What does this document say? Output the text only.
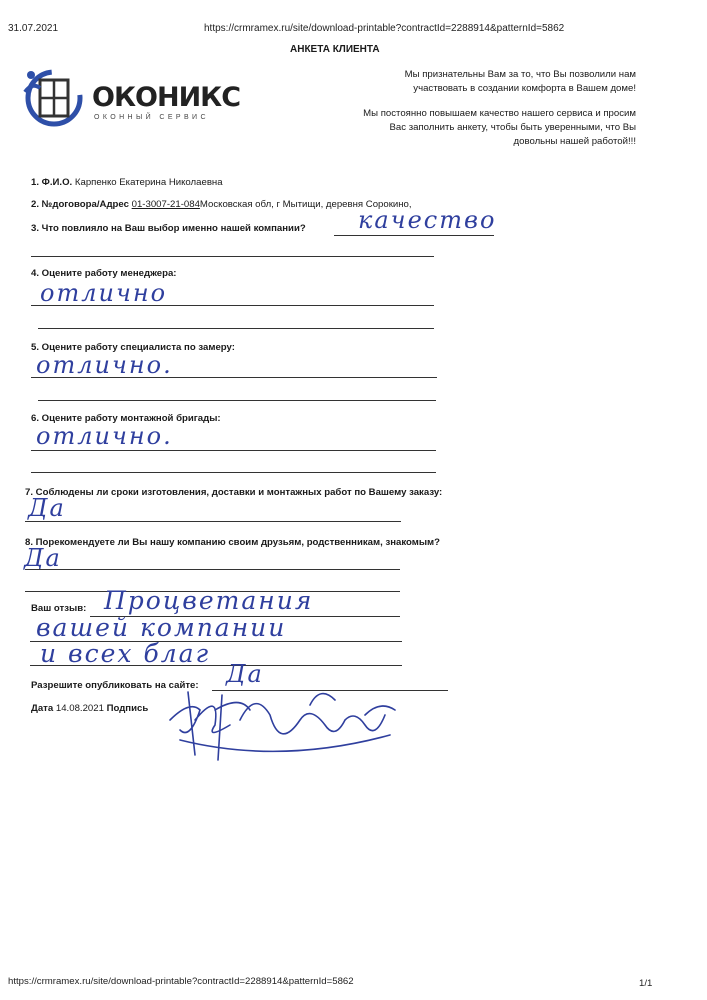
31.07.2021	https://crmramex.ru/site/download-printable?contractId=2288914&patternId=5862
АНКЕТА КЛИЕНТА
ОКОНИКС
ОКОННЫЙ СЕРВИС
Мы признательны Вам за то, что Вы позволили нам
участвовать в создании комфорта в Вашем доме!
Мы постоянно повышаем качество нашего сервиса и просим
Вас заполнить анкету, чтобы быть уверенными, что Вы
довольны нашей работой!!!
1. Ф.И.О. Карпенко Екатерина Николаевна
2. №договора/Адрес 01-3007-21-084Московская обл, г Мытищи, деревня Сорокино,
3. Что повлияло на Ваш выбор именно нашей компании? качество
4. Оцените работу менеджера:
отлично
5. Оцените работу специалиста по замеру:
отлично.
6. Оцените работу монтажной бригады:
отлично.
7. Соблюдены ли сроки изготовления, доставки и монтажных работ по Вашему заказу:
Да
8. Порекомендуете ли Вы нашу компанию своим друзьям, родственникам, знакомым?
Да
Ваш отзыв: Процветания
вашей компании
и всех благ
Разрешите опубликовать на сайте: Да
Дата 14.08.2021 Подпись
https://crmramex.ru/site/download-printable?contractId=2288914&patternId=5862	1/1
